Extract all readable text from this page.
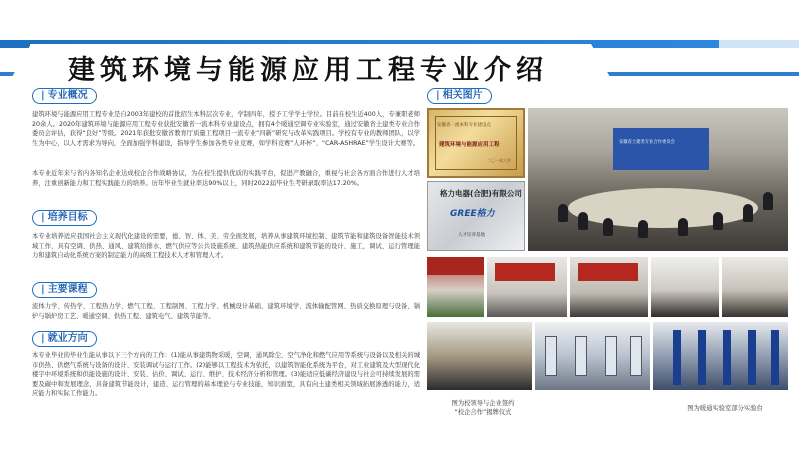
建筑环境与能源应用工程专业介绍
| 专业概况
建筑环境与能源应用工程专业是自2003年建校的首批招生本科层次专业，学制四年，授予工学学士学位。目前在校生近400人，专兼职老师20余人。2020年建筑环境与能源应用工程专业获批安徽省一流本科专业建设点，拥有4个暖通空调专业实验室，通过安徽省土建类专业合作委员会评估，获得“良好”等级。2021年获批安徽省教育厅质量工程项目一流专业“四新”研究与改革实践项目。学校有专业的教师团队，以学生为中心，以人才需求为导向，全面加强学科建设，指导学生参加各类专业竞赛，如学科竞赛“人环杯”、“CAR-ASHRAE”学生设计大赛等。
本专业近年来与省内各知名企业达成校企合作战略协议，为在校生提供优质的实践平台，促进产教融合，重视与社会各方面合作进行人才培养，注重创新能力和工程实践能力的培养。历年毕业生就业率达90%以上，同时2022届毕业生考研录取率达17.20%。
| 培养目标
本专业培养适应我国社会主义现代化建设的需要，德、智、体、美、劳全面发展，培养从事建筑环境控制、建筑节能和建筑设备智能技术领域工作，具有空调、供热、通风、建筑给排水、燃气供应等公共设施系统、建筑热能供应系统和建筑节能的设计、施工，调试、运行管理能力和建筑自动化系统方案的制定能力的高级工程技术人才和管理人才。
| 主要课程
流体力学、传热学、工程热力学、燃气工程、工程制图、工程力学、机械设计基础、建筑环境学、流体输配管网、热质交换原理与设备、锅炉与锅炉房工艺、暖通空调、供热工程、建筑电气、建筑节能等。
| 就业方向
本专业毕业的毕业生能从事以下三个方向的工作：(1)能从事建筑物采暖，空调，通风除尘、空气净化和燃气应用等系统与设备以及相关的城市供热、供燃气系统与设备的设计、安装调试与运行工作。(2)能够以工程技术为依托，以建筑智能化系统为平台，对工业建筑及大型现代化楼宇中环境系统和供能设施的设计、安装、估价、调试、运行、维护、技术经济分析和管理。(3)能适应低碳经济建设与社会可持续发展的需要及碳中和发展理念，具备建筑节能设计，建造、运行管理的基本理论与专业技能，知识面宽，具有向土建类相关领域拓展渗透的能力，适应能力和实际工作能力。
| 相关图片
安徽省一流本科专业建设点
建筑环境与能源应用工程
二〇一年六月
格力电器(合肥)有限公司
GREE格力
人才培养基地
安徽省土建类专业合作委员会
图为校领导与企业签约
“校企合作”揭牌仪式
图为暖通实验室部分实验台
